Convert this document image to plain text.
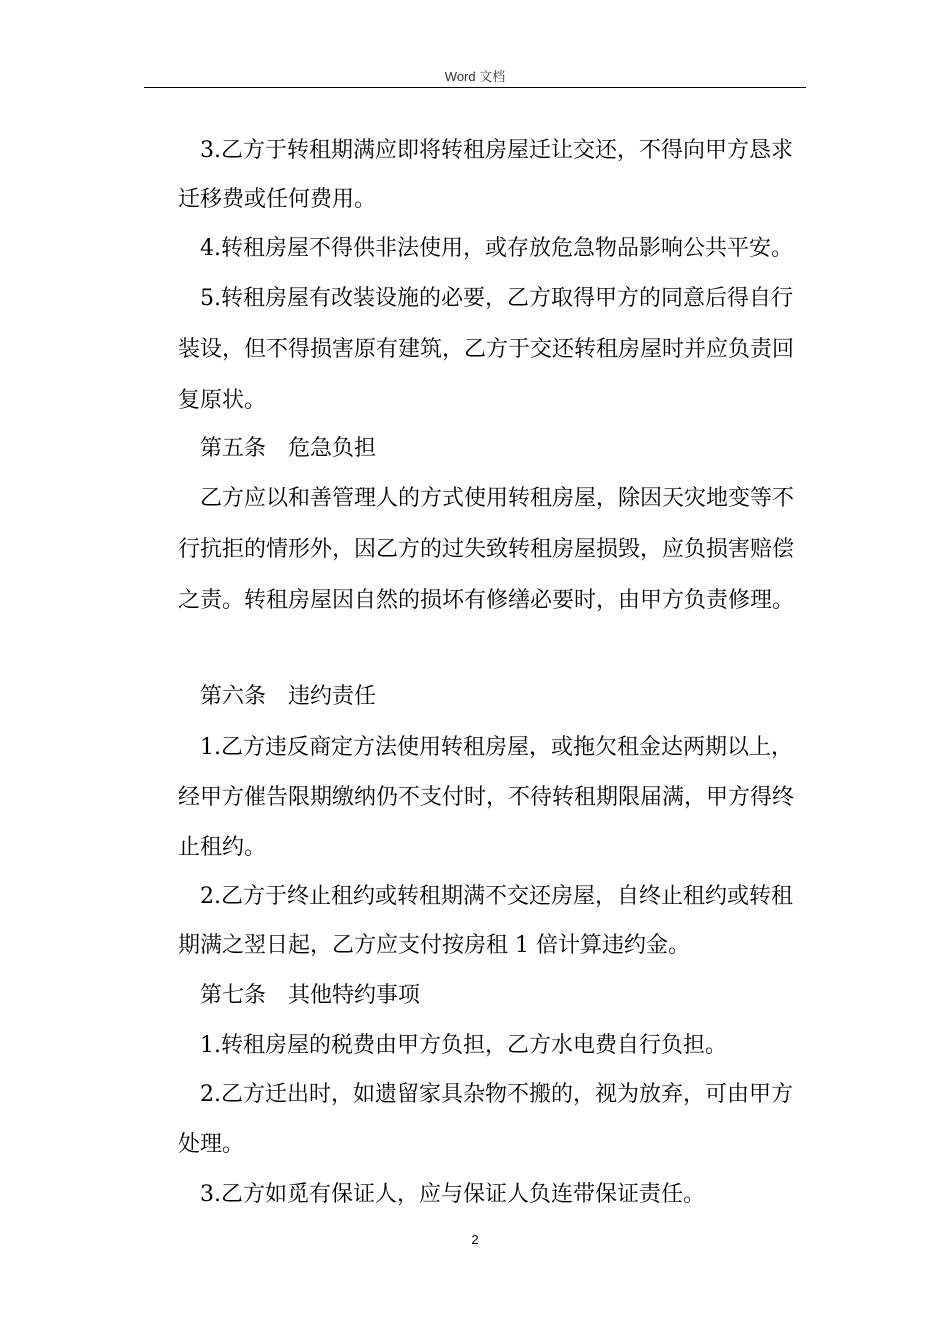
Word 文档
3.乙方于转租期满应即将转租房屋迁让交还，不得向甲方恳求
迁移费或任何费用。
4.转租房屋不得供非法使用，或存放危急物品影响公共平安。
5.转租房屋有改装设施的必要，乙方取得甲方的同意后得自行
装设，但不得损害原有建筑，乙方于交还转租房屋时并应负责回
复原状。
第五条　危急负担
乙方应以和善管理人的方式使用转租房屋，除因天灾地变等不
行抗拒的情形外，因乙方的过失致转租房屋损毁，应负损害赔偿
之责。转租房屋因自然的损坏有修缮必要时，由甲方负责修理。
第六条　违约责任
1.乙方违反商定方法使用转租房屋，或拖欠租金达两期以上，
经甲方催告限期缴纳仍不支付时，不待转租期限届满，甲方得终
止租约。
2.乙方于终止租约或转租期满不交还房屋，自终止租约或转租
期满之翌日起，乙方应支付按房租 1 倍计算违约金。
第七条　其他特约事项
1.转租房屋的税费由甲方负担，乙方水电费自行负担。
2.乙方迁出时，如遗留家具杂物不搬的，视为放弃，可由甲方
处理。
3.乙方如觅有保证人，应与保证人负连带保证责任。
2
